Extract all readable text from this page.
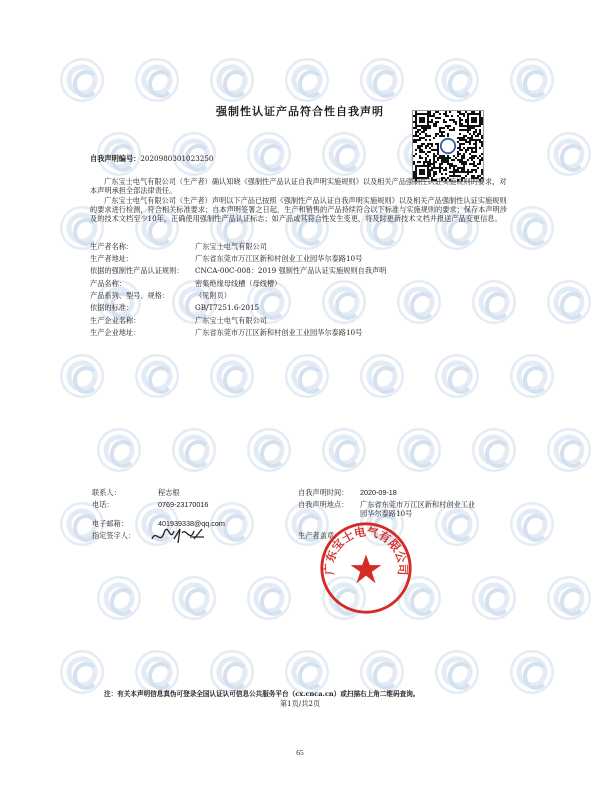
强制性认证产品符合性自我声明
自我声明编号：2020980301023250
广东宝士电气有限公司（生产者）确认知晓《强制性产品认证自我声明实施规则》以及相关产品强制性认证实施规则的要求，对本声明承担全部法律责任。
广东宝士电气有限公司（生产者）声明以下产品已按照《强制性产品认证自我声明实施规则》以及相关产品强制性认证实施规则的要求进行检测，符合相关标准要求；自本声明签署之日起，生产和销售的产品持续符合以下标准与实施规则的要求；保存本声明涉及的技术文档至少10年，正确使用强制性产品认证标志；如产品或其符合性发生变更，将及时更新技术文档并报送产品变更信息。
生产者名称：	广东宝士电气有限公司
生产者地址：	广东省东莞市万江区新和村创业工业园华尔泰路10号
依据的强制性产品认证规则： CNCA-00C-008：2019 强制性产品认证实施规则自我声明
产品名称：	密集绝缘母线槽（母线槽）
产品系列、型号、规格：	（见附页）
依据的标准：	GB/T7251.6-2015
生产企业名称：	广东宝士电气有限公司
生产企业地址：	广东省东莞市万江区新和村创业工业园华尔泰路10号
联系人：	程志根
电话：	0769-23170016
电子邮箱：	401939338@qq.com
指定签字人：
自我声明时间： 2020-09-18
自我声明地点： 广东省东莞市万江区新和村创业工业园华尔泰路10号
生产者盖章：
广东宝士电气有限公司
注：有关本声明信息真伪可登录全国认证认可信息公共服务平台（cx.cnca.cn）或扫描右上角二维码查询。
第1页/共2页
65
